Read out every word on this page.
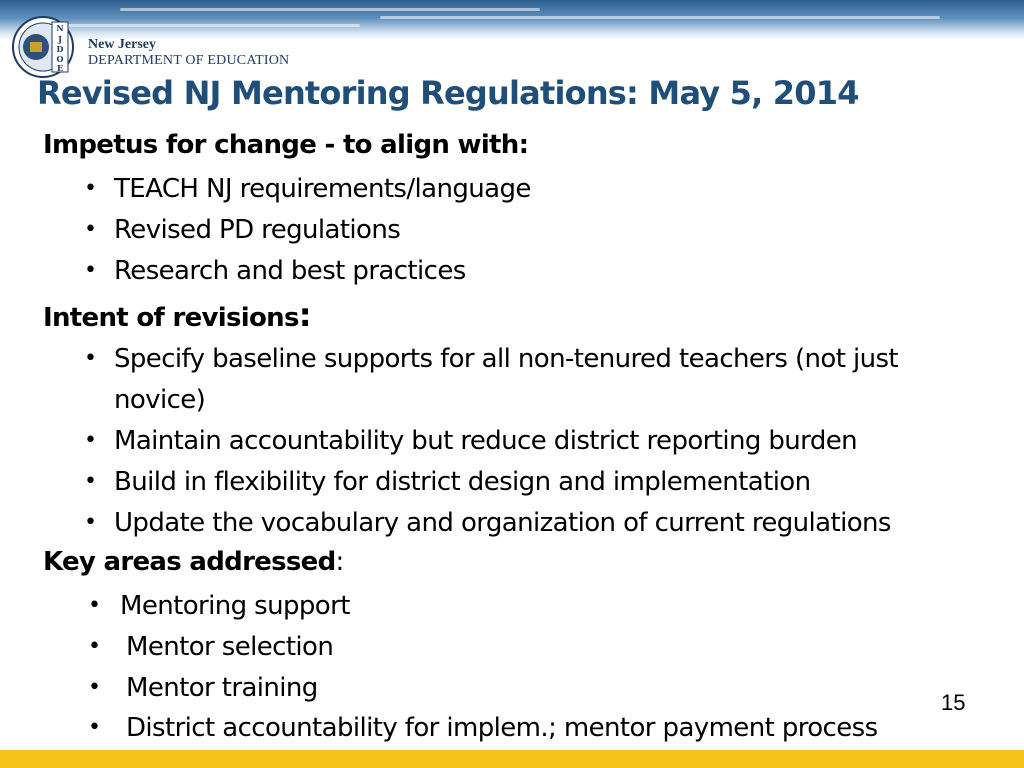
N
J
D
O
E
New Jersey
DEPARTMENT OF EDUCATION
Revised NJ Mentoring Regulations: May 5, 2014
Impetus for change - to align with:
• TEACH NJ requirements/language
• Revised PD regulations
• Research and best practices
Intent of revisions:
• Specify baseline supports for all non-tenured teachers (not just
novice)
• Maintain accountability but reduce district reporting burden
• Build in flexibility for district design and implementation
• Update the vocabulary and organization of current regulations
Key areas addressed:
• Mentoring support
• Mentor selection
• Mentor training
• District accountability for implem.; mentor payment process
15
